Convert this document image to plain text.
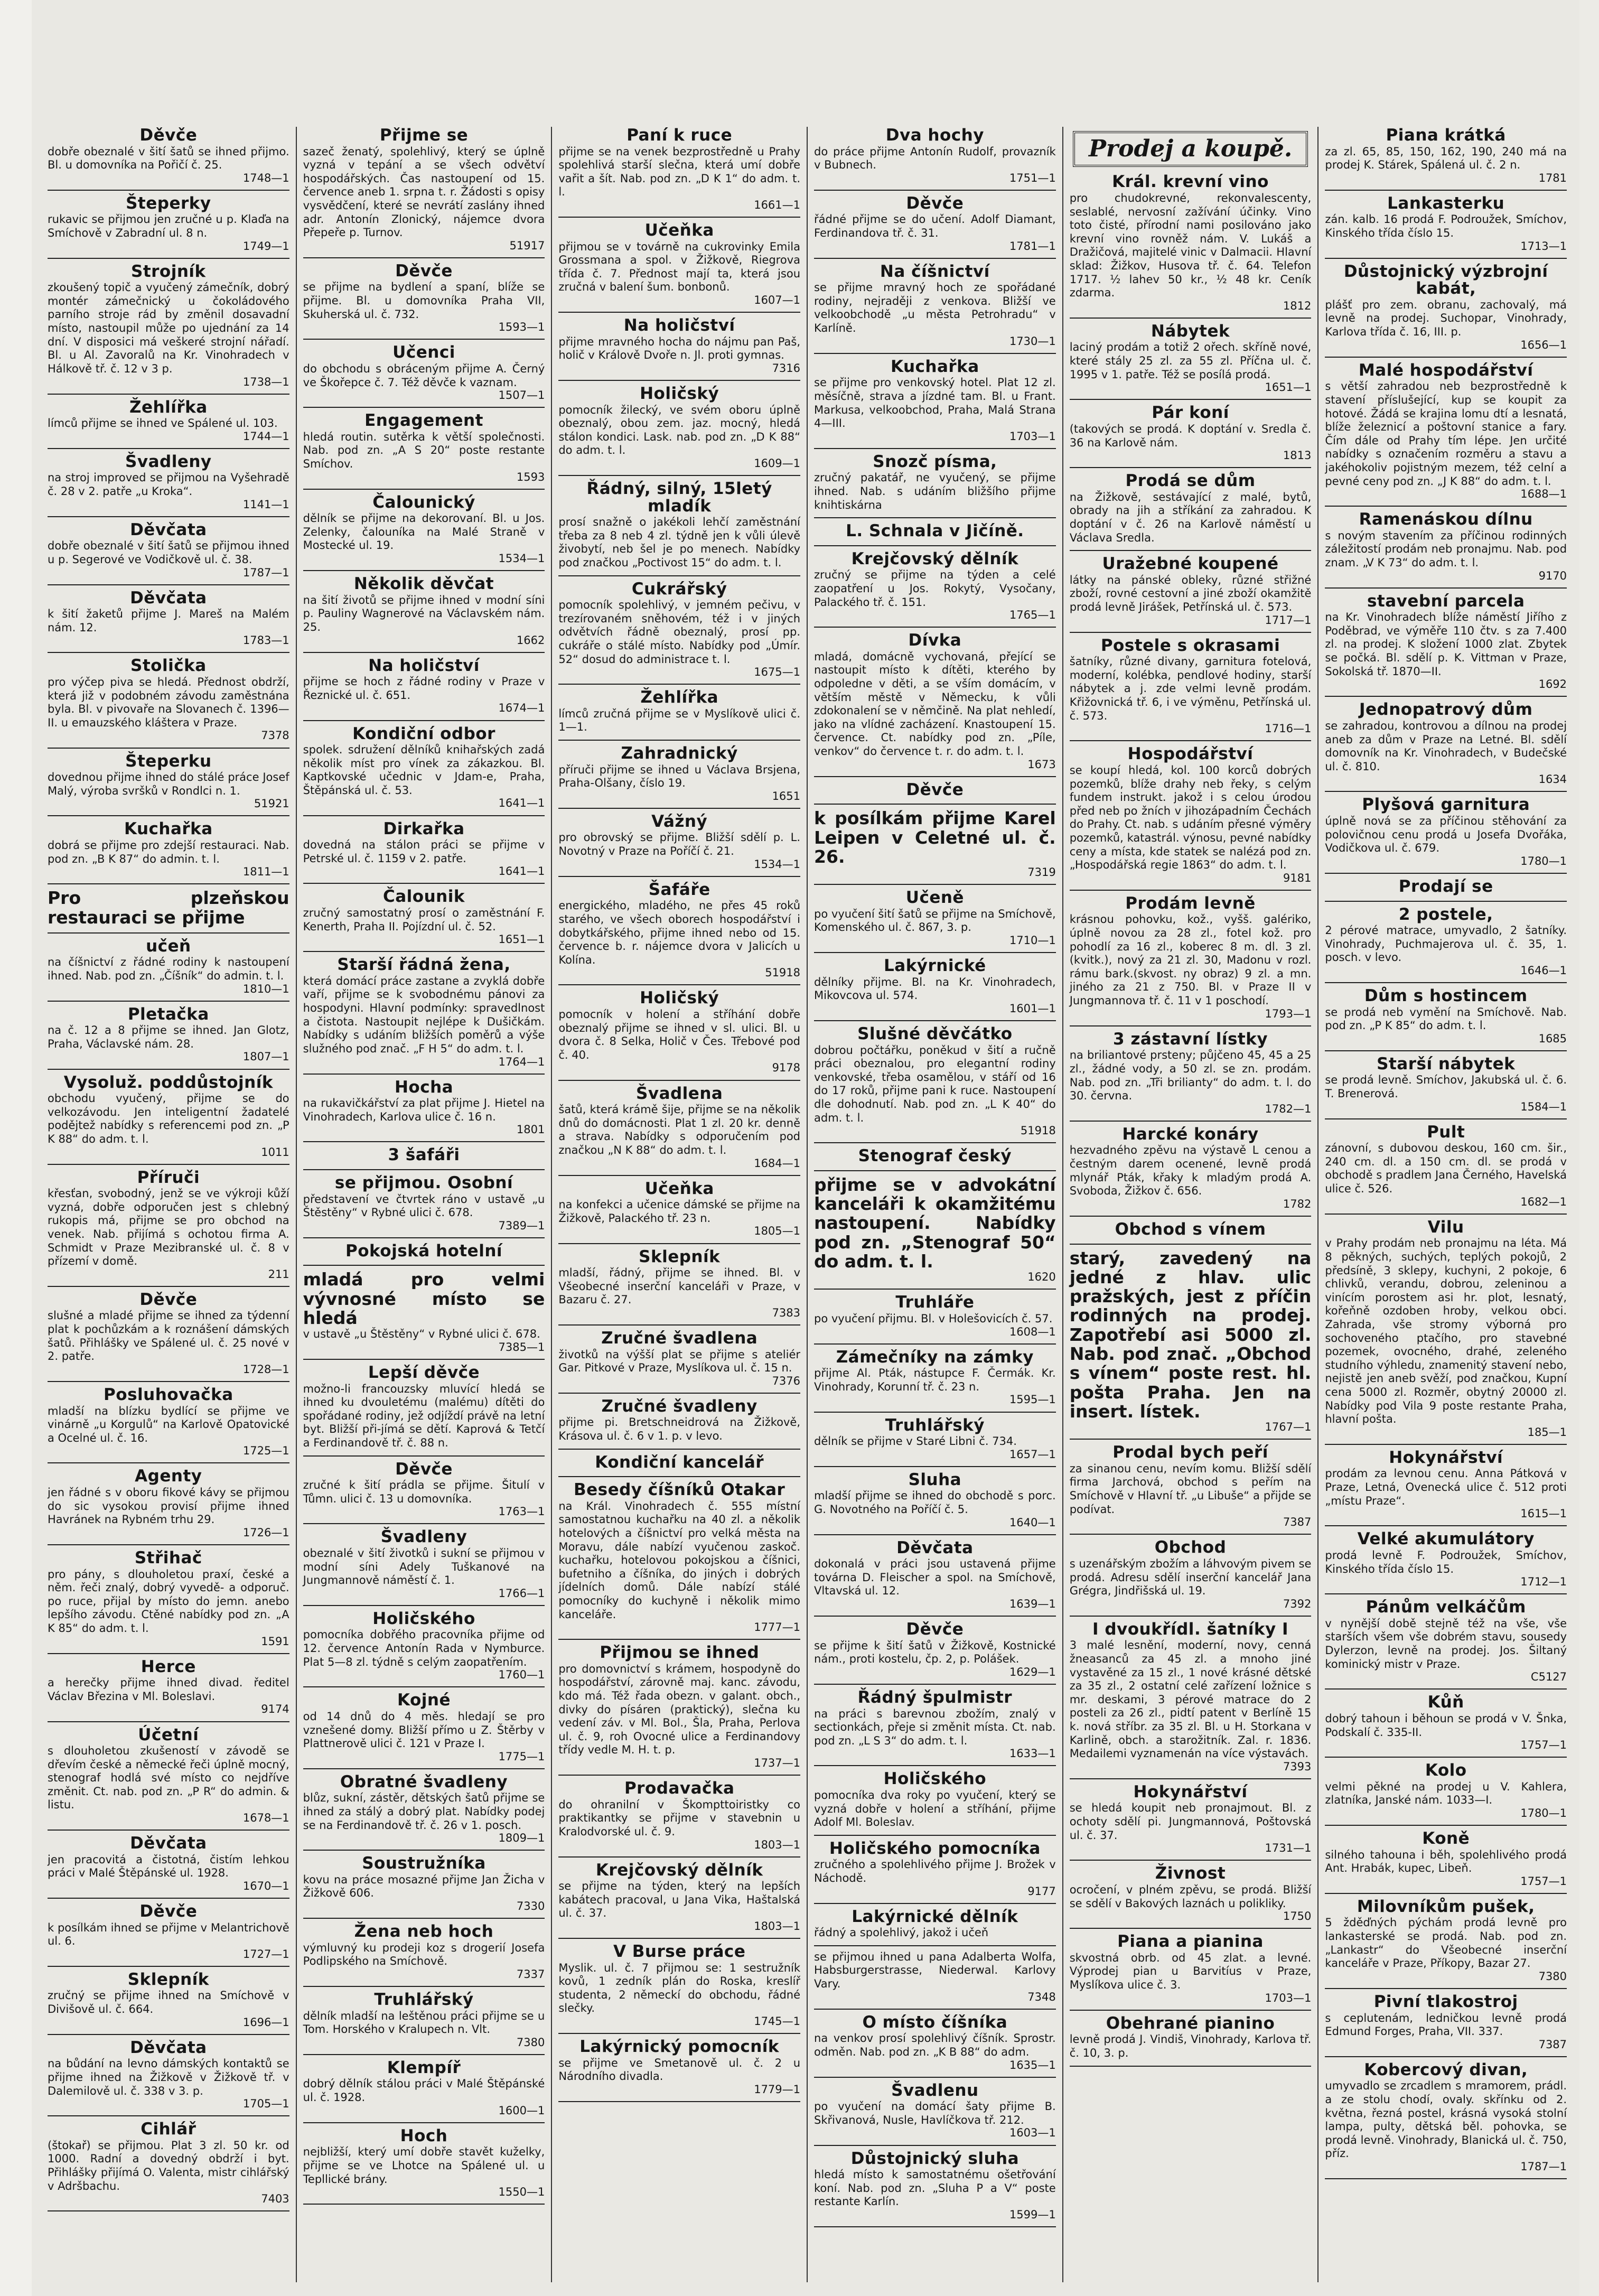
Děvče

dobře obeznalé v šití šatů se ihned přijmo. Bl. u domovníka na Pořičí č. 25.

1748—1
Šteperky

rukavic se přijmou jen zručné u p. Klaďa na Smíchově v Zabradní ul. 8 n.

1749—1
Strojník

zkoušený topič a vyučený zámečník, dobrý montér zámečnický u čokoládového parního stroje rád by změnil dosavadní místo, nastoupil může po ujednání za 14 dní. V disposici má veškeré strojní nářadí. Bl. u Al. Zavoralů na Kr. Vinohradech v Hálkově tř. č. 12 v 3 p.

1738—1
Žehlířka

límců přijme se ihned ve Spálené ul. 103.

1744—1
Švadleny

na stroj improved se přijmou na Vyšehradě č. 28 v 2. patře „u Kroka“.

1141—1
Děvčata

dobře obeznalé v šití šatů se přijmou ihned u p. Segerové ve Vodičkově ul. č. 38.

1787—1
Děvčata

k šití žaketů přijme J. Mareš na Malém nám. 12.

1783—1
Stolička

pro výčep piva se hledá. Přednost obdrží, která již v podobném závodu zaměstnána byla. Bl. v pivovaře na Slovanech č. 1396—II. u emauzského kláštera v Praze.

7378
Šteperku

dovednou přijme ihned do stálé práce Josef Malý, výroba svršků v Rondlci n. 1.

51921
Kuchařka

dobrá se přijme pro zdejší restauraci. Nab. pod zn. „B K 87“ do admin. t. l.

1811—1
Pro plzeňskou restauraci se přijme
učeň

na číšnictví z řádné rodiny k nastoupení ihned. Nab. pod zn. „Číšník“ do admin. t. l.

1810—1
Pletačka

na č. 12 a 8 přijme se ihned. Jan Glotz, Praha, Václavské nám. 28.

1807—1
Vysoluž. poddůstojník

obchodu vyučený, přijme se do velkozávodu. Jen inteligentní žadatelé podějtež nabídky s referencemi pod zn. „P K 88“ do adm. t. l.

1011
Příruči

křesťan, svobodný, jenž se ve výkroji kůží vyzná, dobře odporučen jest s chlebný rukopis má, přijme se pro obchod na venek. Nab. přijímá s ochotou firma A. Schmidt v Praze Mezibranské ul. č. 8 v přízemí v domě.

211
Děvče

slušné a mladé přijme se ihned za týdenní plat k pochůzkám a k roznášení dámských šatů. Přihlášky ve Spálené ul. č. 25 nové v 2. patře.

1728—1
Posluhovačka

mladší na blízku bydlící se přijme ve vinárně „u Korgulů“ na Karlově Opatovické a Ocelné ul. č. 16.

1725—1
Agenty

jen řádné s v oboru fikové kávy se přijmou do sic vysokou provisí přijme ihned Havránek na Rybném trhu 29.

1726—1
Střihač

pro pány, s dlouholetou praxí, české a něm. řeči znalý, dobrý vyvedě- a odporuč. po ruce, přijal by místo do jemn. anebo lepšího závodu. Ctěné nabídky pod zn. „A K 85“ do adm. t. l.

1591
Herce

a herečky přijme ihned divad. ředitel Václav Březina v Ml. Boleslavi.

9174
Účetní

s dlouholetou zkušeností v závodě se dřevím české a německé řeči úplně mocný, stenograf hodlá své místo co nejdříve změnit. Ct. nab. pod zn. „P R“ do admin. & listu.

1678—1
Děvčata

jen pracovitá a čistotná, čistím lehkou práci v Malé Štěpánské ul. 1928.

1670—1
Děvče

k posílkám ihned se přijme v Melantrichově ul. 6.

1727—1
Sklepník

zručný se přijme ihned na Smíchově v Divišově ul. č. 664.

1696—1
Děvčata

na bůdání na levno dámských kontaktů se přijme ihned na Žižkově v Žižkově tř. v Dalemilově ul. č. 338 v 3. p.

1705—1
Cihlář

(štokař) se přijmou. Plat 3 zl. 50 kr. od 1000. Radní a dovedný obdrží i byt. Přihlášky přijímá O. Valenta, mistr cihlářský v Adršbachu.

7403
Přijme se

sazeč ženatý, spolehlivý, který se úplně vyzná v tepání a se všech odvětví hospodářských. Čas nastoupení od 15. července aneb 1. srpna t. r. Žádosti s opisy vysvědčení, které se nevrátí zaslány ihned adr. Antonín Zlonický, nájemce dvora Přepeře p. Turnov.

51917
Děvče

se přijme na bydlení a spaní, blíže se přijme. Bl. u domovníka Praha VII, Skuherská ul. č. 732.

1593—1
Učenci

do obchodu s obráceným přijme A. Černý ve Škořepce č. 7. Též děvče k vaznam.

1507—1
Engagement

hledá routin. sutěrka k větší společnosti. Nab. pod zn. „A S 20“ poste restante Smíchov.

1593
Čalounický

dělník se přijme na dekorovaní. Bl. u Jos. Zelenky, čalouníka na Malé Straně v Mostecké ul. 19.

1534—1
Několik děvčat

na šití životů se přijme ihned v modní síni p. Pauliny Wagnerové na Václavském nám. 25.

1662
Na holičství

přijme se hoch z řádné rodiny v Praze v Řeznické ul. č. 651.

1674—1
Kondiční odbor

spolek. sdružení dělníků knihařských zadá několik míst pro vínek za zákazkou. Bl. Kaptkovské učednic v Jdam-e, Praha, Štěpánská ul. č. 53.

1641—1
Dirkařka

dovedná na stálon práci se přijme v Petrské ul. č. 1159 v 2. patře.

1641—1
Čalounik

zručný samostatný prosí o zaměstnání F. Kenerth, Praha II. Pojízdní ul. č. 52.

1651—1
Starší řádná žena,

která domácí práce zastane a zvyklá dobře vaří, přijme se k svobodnému pánovi za hospodyni. Hlavní podmínky: spravedlnost a čistota. Nastoupit nejlépe k Dušičkám. Nabídky s udáním bližších poměrů a výše služného pod znač. „F H 5“ do adm. t. l.

1764—1
Hocha

na rukavičkářství za plat přijme J. Hietel na Vinohradech, Karlova ulice č. 16 n.

1801
3 šafáři
se přijmou. Osobní

představení ve čtvrtek ráno v ustavě „u Štěstěny“ v Rybné ulici č. 678.

7389—1
Pokojská hotelní
mladá pro velmi vývnosné místo se hledá

v ustavě „u Štěstěny“ v Rybné ulici č. 678.

7385—1
Lepší děvče

možno-li francouzsky mluvící hledá se ihned ku dvouletému (malému) dítěti do spořádané rodiny, jež odjíždí právě na letní byt. Bližší při-jímá se dětí. Kaprová & Tetčí a Ferdinandově tř. č. 88 n.

Děvče

zručné k šití prádla se přijme. Šitulí v Tůmn. ulici č. 13 u domovníka.

1763—1
Švadleny

obeznalé v šití životků i sukní se přijmou v modní síni Adely Tuškanové na Jungmannově náměstí č. 1.

1766—1
Holičského

pomocníka dobřého pracovníka přijme od 12. července Antonín Rada v Nymburce. Plat 5—8 zl. týdně s celým zaopatřením.

1760—1
Kojné

od 14 dnů do 4 měs. hledají se pro vznešené domy. Bližší přímo u Z. Štěrby v Plattnerově ulici č. 121 v Praze I.

1775—1
Obratné švadleny

blůz, sukní, zástěr, dětských šatů přijme se ihned za stálý a dobrý plat. Nabídky podej se na Ferdinandově tř. č. 26 v 1. posch.

1809—1
Soustružníka

kovu na práce mosazné přijme Jan Žicha v Žižkově 606.

7330
Žena neb hoch

výmluvný ku prodeji koz s drogerií Josefa Podlipského na Smíchově.

7337
Truhlářský

dělník mladší na leštěnou práci přijme se u Tom. Horského v Kralupech n. Vlt.

7380
Klempíř

dobrý dělník stálou práci v Malé Štěpánské ul. č. 1928.

1600—1
Hoch

nejbližší, který umí dobře stavět kuželky, přijme se ve Lhotce na Spálené ul. u Tepllické brány.

1550—1
Paní k ruce

přijme se na venek bezprostředně u Prahy spolehlivá starší slečna, která umí dobře vařit a šít. Nab. pod zn. „D K 1“ do adm. t. l.

1661—1
Učeňka

přijmou se v továrně na cukrovinky Emila Grossmana a spol. v Žižkově, Riegrova třída č. 7. Přednost mají ta, která jsou zručná v balení šum. bonbonů.

1607—1
Na holičství

přijme mravného hocha do nájmu pan Paš, holič v Králově Dvoře n. Jl. proti gymnas.

7316
Holičský

pomocník žilecký, ve svém oboru úplně obeznalý, obou zem. jaz. mocný, hledá stálon kondici. Lask. nab. pod zn. „D K 88“ do adm. t. l.

1609—1
Řádný, silný, 15letý mladík

prosí snažně o jakékoli lehčí zaměstnání třeba za 8 neb 4 zl. týdně jen k vůli úlevě živobytí, neb šel je po menech. Nabídky pod značkou „Poctivost 15“ do adm. t. l.

Cukrářský

pomocník spolehlivý, v jemném pečivu, v trezírovaném sněhovém, též i v jiných odvětvích řádně obeznalý, prosí pp. cukráře o stálé místo. Nabídky pod „Úmír. 52“ dosud do administrace t. l.

1675—1
Žehlířka

límců zručná přijme se v Myslíkově ulici č. 1—1.

Zahradnický

příruči přijme se ihned u Václava Brsjena, Praha-Olšany, číslo 19.

1651
Vážný

pro obrovský se přijme. Bližší sdělí p. L. Novotný v Praze na Poříčí č. 21.

1534—1
Šafáře

energického, mladého, ne přes 45 roků starého, ve všech oborech hospodářství i dobytkářského, přijme ihned nebo od 15. července b. r. nájemce dvora v Jalicích u Kolína.

51918
Holičský

pomocník v holení a stříhání dobře obeznalý přijme se ihned v sl. ulici. Bl. u dvora č. 8 Selka, Holič v Čes. Třebové pod č. 40.

9178
Švadlena

šatů, která krámě šije, přijme se na několik dnů do domácnosti. Plat 1 zl. 20 kr. denně a strava. Nabídky s odporučením pod značkou „N K 88“ do adm. t. l.

1684—1
Učeňka

na konfekci a učenice dámské se přijme na Žižkově, Palackého tř. 23 n.

1805—1
Sklepník

mladší, řádný, přijme se ihned. Bl. v Všeobecné inserční kanceláři v Praze, v Bazaru č. 27.

7383
Zručné švadlena

životků na výšší plat se přijme s ateliér Gar. Pitkové v Praze, Myslíkova ul. č. 15 n.

7376
Zručné švadleny

přijme pi. Bretschneidrová na Žižkově, Krásova ul. č. 6 v 1. p. v levo.

Kondiční kancelář
Besedy číšníků Otakar

na Král. Vinohradech č. 555 místní samostatnou kuchařku na 40 zl. a několik hotelových a číšnictví pro velká města na Moravu, dále nabízí vyučenou zaskoč. kuchařku, hotelovou pokojskou a číšnici, bufetniho a číšníka, do jiných i dobrých jídelních domů. Dále nabízí stálé pomocníky do kuchyně i několik mimo kanceláře.

1777—1
Přijmou se ihned

pro domovnictví s krámem, hospodyně do hospodářství, zárovně maj. kanc. závodu, kdo má. Též řada obezn. v galant. obch., divky do písáren (praktický), slečna ku vedení záv. v Ml. Bol., Šla, Praha, Perlova ul. č. 9, roh Ovocné ulice a Ferdinandovy třídy vedle M. H. t. p.

1737—1
Prodavačka

do ohranilní v Škompttoiristky co praktikantky se přijme v stavebnin u Kralodvorské ul. č. 9.

1803—1
Krejčovský dělník

se přijme na týden, který na lepších kabátech pracoval, u Jana Vika, Haštalská ul. č. 37.

1803—1
V Burse práce

Myslik. ul. č. 7 přijmou se: 1 sestružník kovů, 1 zedník plán do Roska, kreslíř studenta, 2 německí do obchodu, řádné slečky.

1745—1
Lakýrnický pomocník

se přijme ve Smetanově ul. č. 2 u Národního divadla.

1779—1
Dva hochy

do práce přijme Antonín Rudolf, provazník v Bubnech.

1751—1
Děvče

řádné přijme se do učení. Adolf Diamant, Ferdinandova tř. č. 31.

1781—1
Na číšnictví

se přijme mravný hoch ze spořádané rodiny, nejraději z venkova. Bližší ve velkoobchodě „u města Petrohradu“ v Karlíně.

1730—1
Kuchařka

se přijme pro venkovský hotel. Plat 12 zl. měsíčně, strava a jízdné tam. Bl. u Frant. Markusa, velkoobchod, Praha, Malá Strana 4—III.

1703—1
Snozč písma,

zručný pakatář, ne vyučený, se přijme ihned. Nab. s udáním bližšího přijme knihtiskárna

L. Schnala v Jičíně.
Krejčovský dělník

zručný se přijme na týden a celé zaopatření u Jos. Rokytý, Vysočany, Palackého tř. č. 151.

1765—1
Dívka

mladá, domácně vychovaná, přející se nastoupit místo k dítěti, kterého by odpoledne v děti, a se vším domácím, v větším městě v Německu, k vůli zdokonalení se v němčině. Na plat nehledí, jako na vlídné zacházení. Knastoupení 15. července. Ct. nabídky pod zn. „Píle, venkov“ do července t. r. do adm. t. l.

1673
Děvče
k posílkám přijme Karel Leipen v Celetné ul. č. 26.
7319
Učeně

po vyučení šití šatů se přijme na Smíchově, Komenského ul. č. 867, 3. p.

1710—1
Lakýrnické

dělníky přijme. Bl. na Kr. Vinohradech, Mikovcova ul. 574.

1601—1
Slušné děvčátko

dobrou počtářku, poněkud v šití a ručně práci obeznalou, pro elegantní rodiny venkovské, třeba osamělou, v stáří od 16 do 17 roků, přijme pani k ruce. Nastoupení dle dohodnutí. Nab. pod zn. „L K 40“ do adm. t. l.

51918
Stenograf český
přijme se v advokátní kanceláři k okamžitému nastoupení. Nabídky pod zn. „Stenograf 50“ do adm. t. l.
1620
Truhláře

po vyučení přijmu. Bl. v Holešovicích č. 57.

1608—1
Zámečníky na zámky

přijme Al. Pták, nástupce F. Čermák. Kr. Vinohrady, Korunní tř. č. 23 n.

1595—1
Truhlářský

dělník se přijme v Staré Libni č. 734.

1657—1
Sluha

mladší přijme se ihned do obchodě s porc. G. Novotného na Poříčí č. 5.

1640—1
Děvčata

dokonalá v práci jsou ustavená přijme továrna D. Fleischer a spol. na Smíchově, Vltavská ul. 12.

1639—1
Děvče

se přijme k šití šatů v Žižkově, Kostnické nám., proti kostelu, čp. 2, p. Polášek.

1629—1
Řádný špulmistr

na práci s barevnou zbožím, znalý v sectionkách, přeje si změnit místa. Ct. nab. pod zn. „L S 3“ do adm. t. l.

1633—1
Holičského

pomocníka dva roky po vyučení, který se vyzná dobře v holení a stříhání, přijme Adolf Ml. Boleslav.

Holičského pomocníka

zručného a spolehlivého přijme J. Brožek v Náchodě.

9177
Lakýrnické dělník

řádný a spolehlivý, jakož i učeň

se přijmou ihned u pana Adalberta Wolfa, Habsburgerstrasse, Niederwal. Karlovy Vary.

7348
O místo číšníka

na venkov prosí spolehlivý číšník. Sprostr. odměn. Nab. pod zn. „K B 88“ do adm.

1635—1
Švadlenu

po vyučení na domácí šaty přijme B. Skřivanová, Nusle, Havlíčkova tř. 212.

1603—1
Důstojnický sluha

hledá místo k samostatnému ošetřování koní. Nab. pod zn. „Sluha P a V“ poste restante Karlín.

1599—1
Prodej a koupě.
Král. krevní vino

pro chudokrevné, rekonvalescenty, seslablé, nervosní zažívání účinky. Vino toto čisté, přírodní nami posilováno jako krevní vino rovněž nám. V. Lukáš a Dražičová, majitelé vinic v Dalmacii. Hlavní sklad: Žižkov, Husova tř. č. 64. Telefon 1717. ½ lahev 50 kr., ½ 48 kr. Ceník zdarma.

1812
Nábytek

laciný prodám a totiž 2 ořech. skříně nové, které stály 25 zl. za 55 zl. Příčna ul. č. 1995 v 1. patře. Též se posílá prodá.

1651—1
Pár koní

(takových se prodá. K doptání v. Sredla č. 36 na Karlově nám.

1813
Prodá se dům

na Žižkově, sestávající z malé, bytů, obrady na jih a stříkání za zahradou. K doptání v č. 26 na Karlově náměstí u Václava Sredla.

Uražebné koupené

látky na pánské obleky, různé střižné zboží, rovné cestovní a jiné zboží okamžitě prodá levně Jirášek, Petřínská ul. č. 573.

1717—1
Postele s okrasami

šatníky, různé divany, garnitura fotelová, moderní, kolébka, pendlové hodiny, starší nábytek a j. zde velmi levně prodám. Křižovnická tř. 6, i ve výměnu, Petřínská ul. č. 573.

1716—1
Hospodářství

se koupí hledá, kol. 100 korců dobrých pozemků, blíže drahy neb řeky, s celým fundem instrukt. jakož i s celou úrodou před neb po žních v jihozápadním Čechách do Prahy. Ct. nab. s udáním přesné výměry pozemků, katastrál. výnosu, pevné nabídky ceny a místa, kde statek se nalézá pod zn. „Hospodářská regie 1863“ do adm. t. l.

9181
Prodám levně

krásnou pohovku, kož., vyšš. galériko, úplně novou za 28 zl., fotel kož. pro pohodlí za 16 zl., koberec 8 m. dl. 3 zl. (kvitk.), nový za 21 zl. 30, Madonu v rozl. rámu bark.(skvost. ny obraz) 9 zl. a mn. jiného za 21 z 750. Bl. v Praze II v Jungmannova tř. č. 11 v 1 poschodí.

1793—1
3 zástavní lístky

na briliantové prsteny; půjčeno 45, 45 a 25 zl., žádné vody, a 50 zl. se zn. prodám. Nab. pod zn. „Tři brilianty“ do adm. t. l. do 30. června.

1782—1
Harcké konáry

hezvadného zpěvu na výstavě L cenou a čestným darem ocenené, levně prodá mlynář Pták, křaky k mladým prodá A. Svoboda, Žižkov č. 656.

1782
Obchod s vínem
starý, zavedený na jedné z hlav. ulic pražských, jest z příčin rodinných na prodej. Zapotřebí asi 5000 zl. Nab. pod znač. „Obchod s vínem“ poste rest. hl. pošta Praha. Jen na insert. lístek.
1767—1
Prodal bych peří

za sinanou cenu, nevím komu. Bližší sdělí firma Jarchová, obchod s peřím na Smíchově v Hlavní tř. „u Libuše“ a přijde se podívat.

7387
Obchod

s uzenářským zbožím a láhvovým pivem se prodá. Adresu sdělí inserční kancelář Jana Grégra, Jindřišská ul. 19.

7392
I dvoukřídl. šatníky I

3 malé lesnění, moderní, novy, cenná žneasanců za 45 zl. a mnoho jiné vystavěné za 15 zl., 1 nové krásné dětské za 35 zl., 2 ostatní celé zařízení ložnice s mr. deskami, 3 pérové matrace do 2 posteli za 26 zl., pidtí patent v Berlíně 15 k. nová stříbr. za 35 zl. Bl. u H. Storkana v Karlině, obch. a starožitník. Zal. r. 1836. Medailemi vyznamenán na více výstavách.

7393
Hokynářství

se hledá koupit neb pronajmout. Bl. z ochoty sdělí pi. Jungmannová, Poštovská ul. č. 37.

1731—1
Živnost

ocročení, v plném zpěvu, se prodá. Bližší se sdělí v Bakových laznách u polikliky.

1750
Piana a pianina

skvostná obrb. od 45 zlat. a levné. Výprodej pian u Barvitíus v Praze, Myslíkova ulice č. 3.

1703—1
Obehrané pianino

levně prodá J. Vindiš, Vinohrady, Karlova tř. č. 10, 3. p.

Piana krátká

za zl. 65, 85, 150, 162, 190, 240 má na prodej K. Stárek, Spálená ul. č. 2 n.

1781
Lankasterku

zán. kalb. 16 prodá F. Podroužek, Smíchov, Kinského třída číslo 15.

1713—1
Důstojnický výzbrojní kabát,

plášť pro zem. obranu, zachovalý, má levně na prodej. Suchopar, Vinohrady, Karlova třída č. 16, III. p.

1656—1
Malé hospodářství

s větší zahradou neb bezprostředně k stavení příslušející, kup se koupit za hotové. Žádá se krajina lomu dtí a lesnatá, blíže železnicí a poštovní stanice a fary. Čím dále od Prahy tím lépe. Jen určité nabídky s označením rozměru a stavu a jakéhokoliv pojistným mezem, též celní a pevné ceny pod zn. „J K 88“ do adm. t. l.

1688—1
Ramenáskou dílnu

s novým stavením za příčinou rodinných záležitostí prodám neb pronajmu. Nab. pod znam. „V K 73“ do adm. t. l.

9170
stavební parcela

na Kr. Vinohradech blíže náměstí Jiřího z Poděbrad, ve výměře 110 čtv. s za 7.400 zl. na prodej. K složení 1000 zlat. Zbytek se počká. Bl. sdělí p. K. Vittman v Praze, Sokolská tř. 1870—II.

1692
Jednopatrový dům

se zahradou, kontrovou a dílnou na prodej aneb za dům v Praze na Letné. Bl. sdělí domovník na Kr. Vinohradech, v Budečské ul. č. 810.

1634
Plyšová garnitura

úplně nová se za příčinou stěhování za polovičnou cenu prodá u Josefa Dvořáka, Vodičkova ul. č. 679.

1780—1
Prodají se
2 postele,

2 pérové matrace, umyvadlo, 2 šatníky. Vinohrady, Puchmajerova ul. č. 35, 1. posch. v levo.

1646—1
Dům s hostincem

se prodá neb vymění na Smíchově. Nab. pod zn. „P K 85“ do adm. t. l.

1685
Starší nábytek

se prodá levně. Smíchov, Jakubská ul. č. 6. T. Brenerová.

1584—1
Pult

zánovní, s dubovou deskou, 160 cm. šir., 240 cm. dl. a 150 cm. dl. se prodá v obchodě s pradlem Jana Černého, Havelská ulice č. 526.

1682—1
Vilu

v Prahy prodám neb pronajmu na léta. Má 8 pěkných, suchých, teplých pokojů, 2 předsíně, 3 sklepy, kuchyni, 2 pokoje, 6 chlivků, verandu, dobrou, zeleninou a vinícím porostem asi hr. plot, lesnatý, kořeňně ozdoben hroby, velkou obci. Zahrada, vše stromy výborná pro sochoveného ptačího, pro stavebné pozemek, ovocného, drahé, zeleného studního výhledu, znamenitý stavení nebo, nejistě jen aneb svěží, pod značkou, Kupní cena 5000 zl. Rozměr, obytný 20000 zl. Nabídky pod Vila 9 poste restante Praha, hlavní pošta.

185—1
Hokynářství

prodám za levnou cenu. Anna Pátková v Praze, Letná, Ovenecká ulice č. 512 proti „místu Praze“.

1615—1
Velké akumulátory

prodá levně F. Podroužek, Smíchov, Kinského třída číslo 15.

1712—1
Pánům velkáčům

v nynější době stejně též na vše, vše starších všem vše dobrém stavu, sousedy Dylerzon, levně na prodej. Jos. Šiltaný kominický mistr v Praze.

C5127
Kůň

dobrý tahoun i běhoun se prodá v V. Šnka, Podskalí č. 335-II.

1757—1
Kolo

velmi pěkné na prodej u V. Kahlera, zlatníka, Janské nám. 1033—I.

1780—1
Koně

silného tahouna i běh, spolehlivého prodá Ant. Hrabák, kupec, Libeň.

1757—1
Milovníkům pušek,

5 žděďných pýchám prodá levně pro lankasterské se prodá. Nab. pod zn. „Lankastr“ do Všeobecné inserční kanceláře v Praze, Příkopy, Bazar 27.

7380
Pivní tlakostroj

s ceplutenám, ledničkou levně prodá Edmund Forges, Praha, VII. 337.

7387
Kobercový divan,

umyvadlo se zrcadlem s mramorem, prádl. a ze stolu chodí, ovaly. skřínku od 2. května, řezná postel, krásná vysoká stolní lampa, pulty, dětská běl. pohovka, se prodá levně. Vinohrady, Blanická ul. č. 750, příz.

1787—1
